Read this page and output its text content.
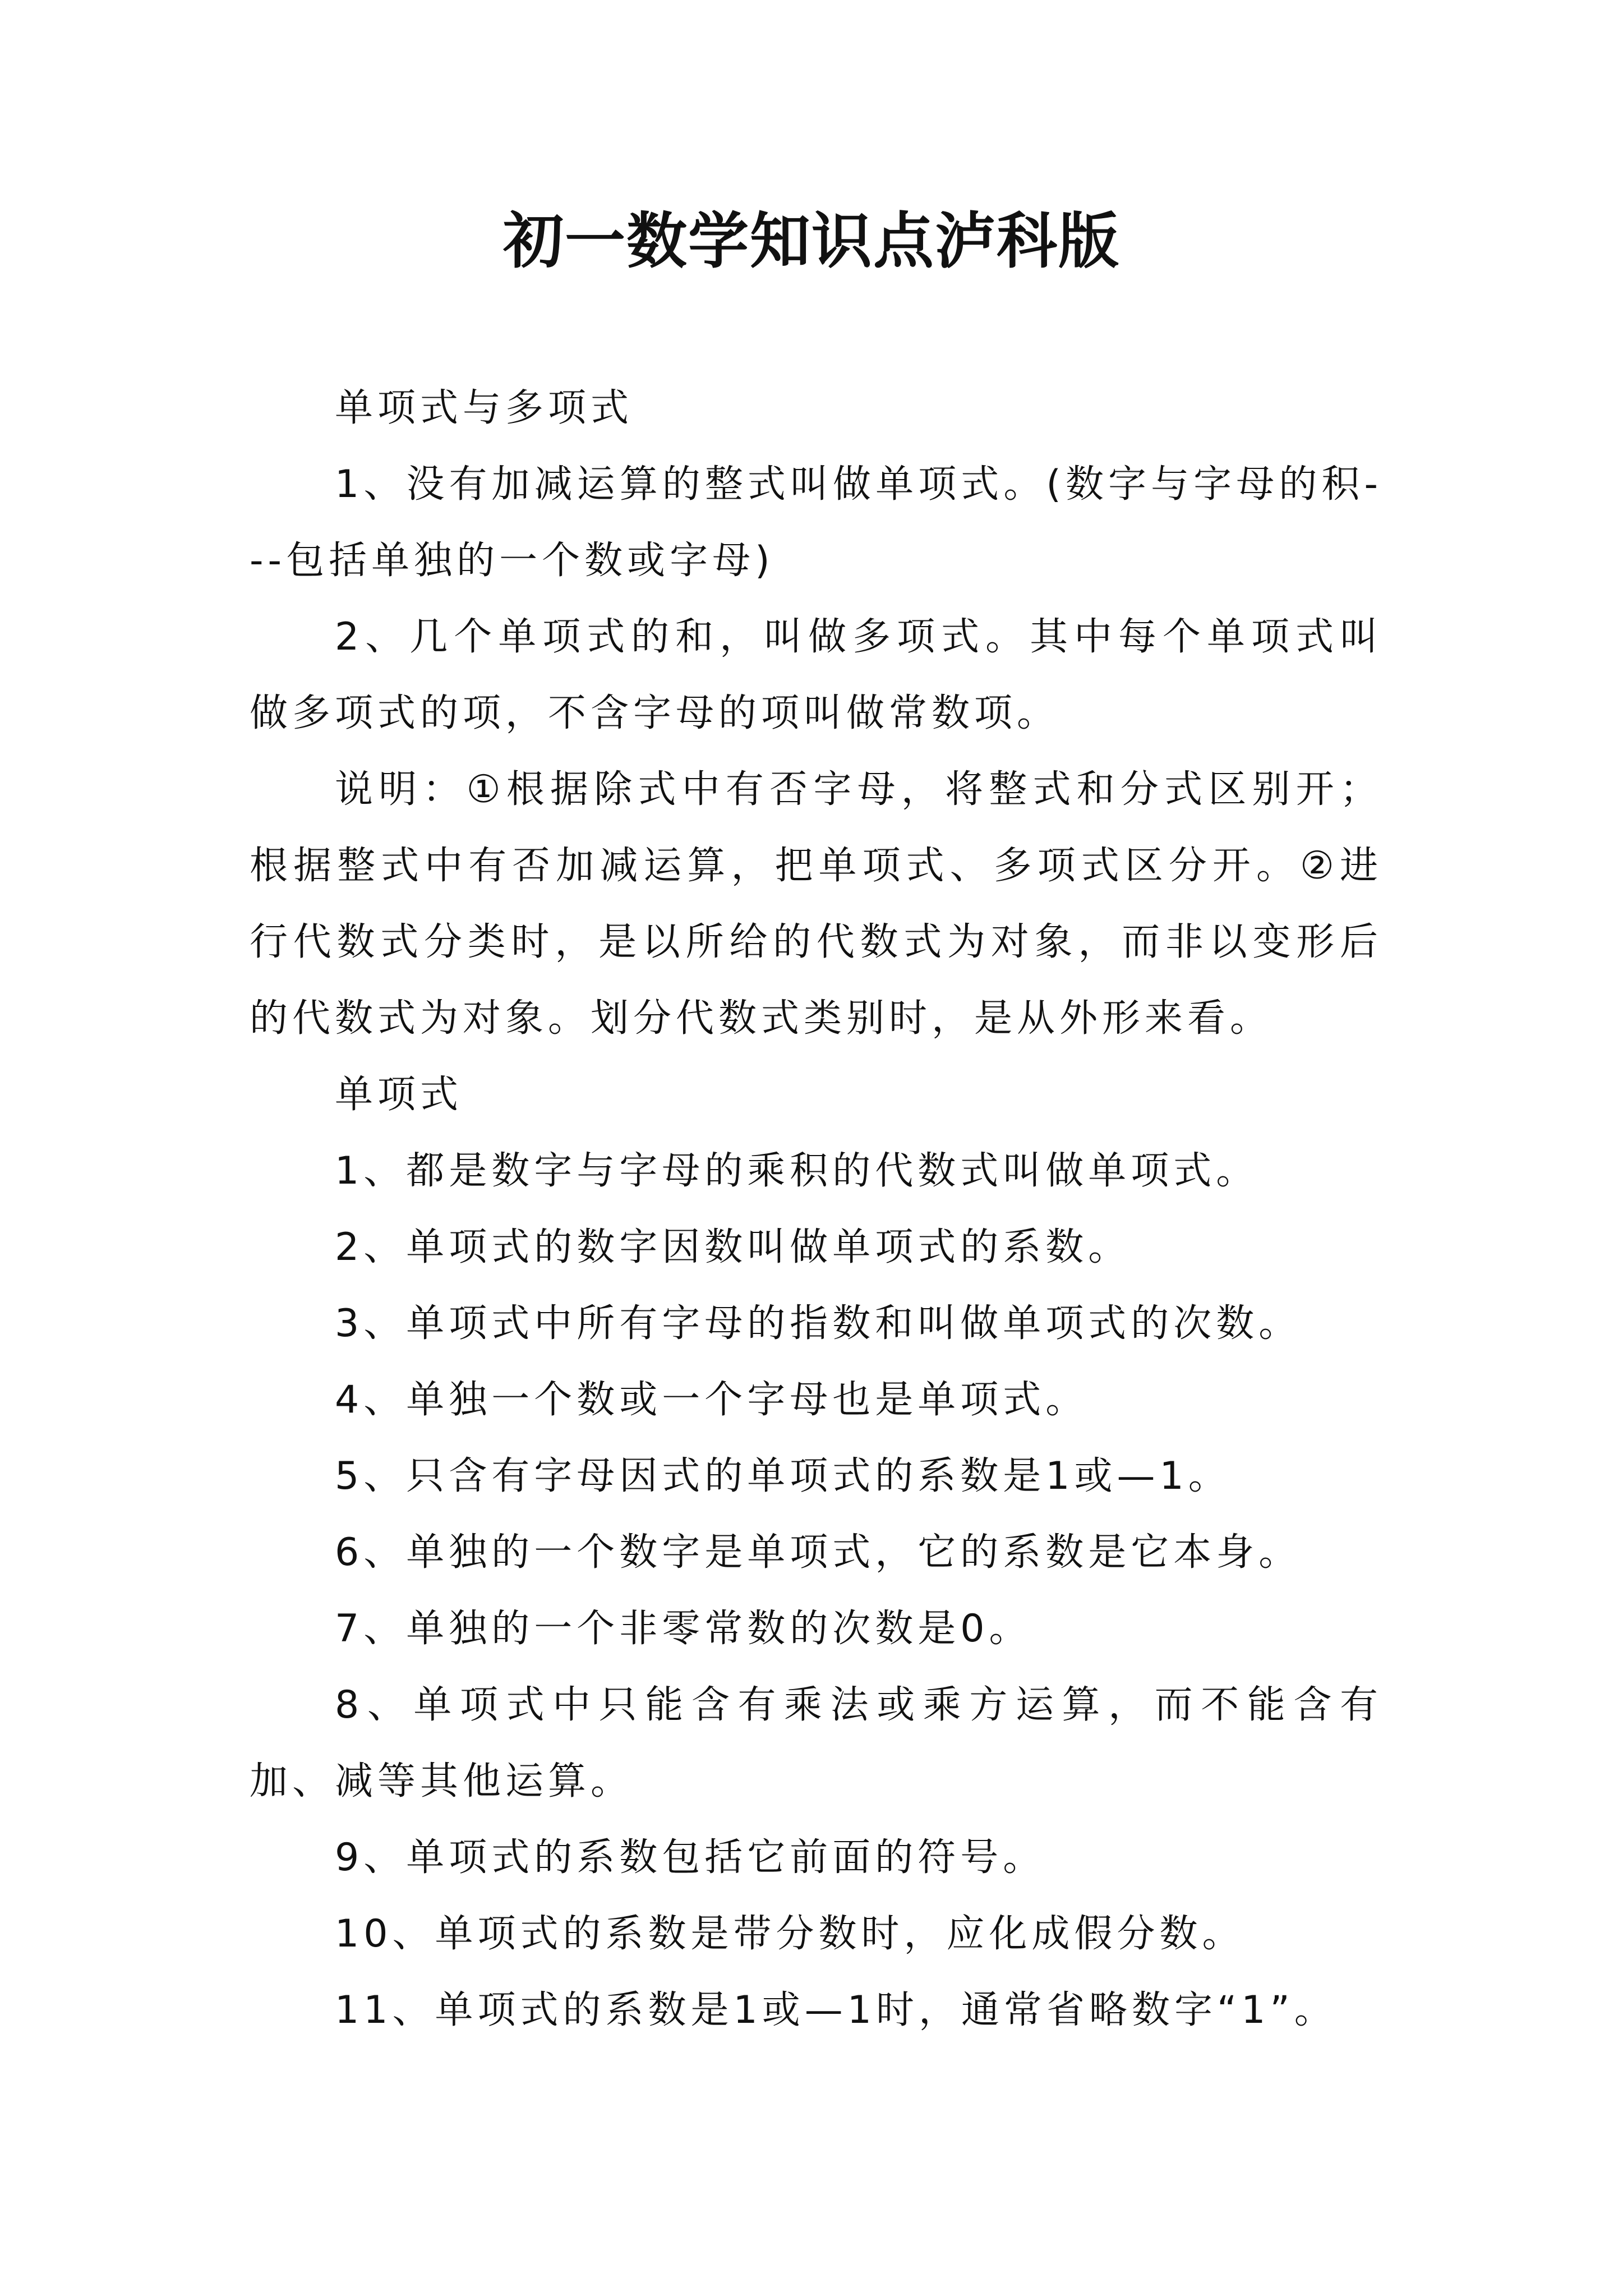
初一数学知识点泸科版

单项式与多项式

1、没有加减运算的整式叫做单项式。(数字与字母的积---包括单独的一个数或字母)

2、几个单项式的和，叫做多项式。其中每个单项式叫做多项式的项，不含字母的项叫做常数项。

说明：①根据除式中有否字母，将整式和分式区别开；根据整式中有否加减运算，把单项式、多项式区分开。②进行代数式分类时，是以所给的代数式为对象，而非以变形后的代数式为对象。划分代数式类别时，是从外形来看。

单项式

1、都是数字与字母的乘积的代数式叫做单项式。

2、单项式的数字因数叫做单项式的系数。

3、单项式中所有字母的指数和叫做单项式的次数。

4、单独一个数或一个字母也是单项式。

5、只含有字母因式的单项式的系数是1或—1。

6、单独的一个数字是单项式，它的系数是它本身。

7、单独的一个非零常数的次数是0。

8、单项式中只能含有乘法或乘方运算，而不能含有加、减等其他运算。

9、单项式的系数包括它前面的符号。

10、单项式的系数是带分数时，应化成假分数。

11、单项式的系数是1或—1时，通常省略数字“1”。
